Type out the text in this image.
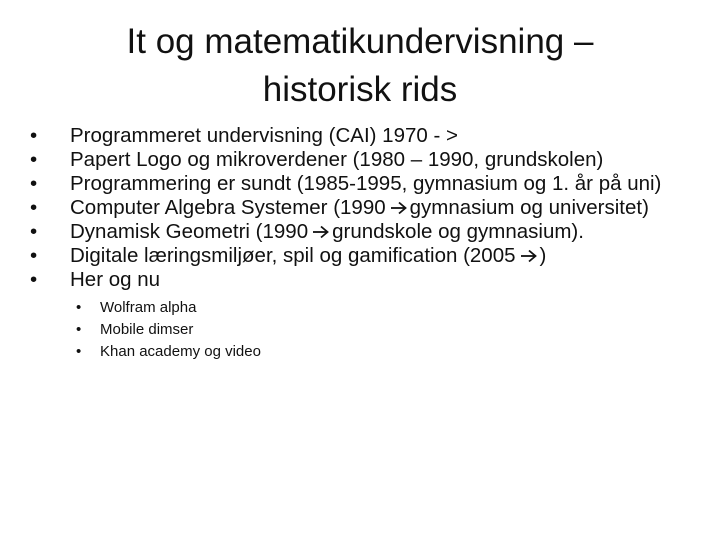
It og matematikundervisning –
historisk rids
•	Programmeret undervisning (CAI) 1970 - >
•	Papert Logo og mikroverdener (1980 – 1990, grundskolen)
•	Programmering er sundt (1985-1995, gymnasium og 1. år på uni)
•	Computer Algebra Systemer (1990 gymnasium og universitet)
•	Dynamisk Geometri (1990 grundskole og gymnasium).
•	Digitale læringsmiljøer, spil og gamification (2005 )
•	Her og nu
•	Wolfram alpha
•	Mobile dimser
•	Khan academy og video
